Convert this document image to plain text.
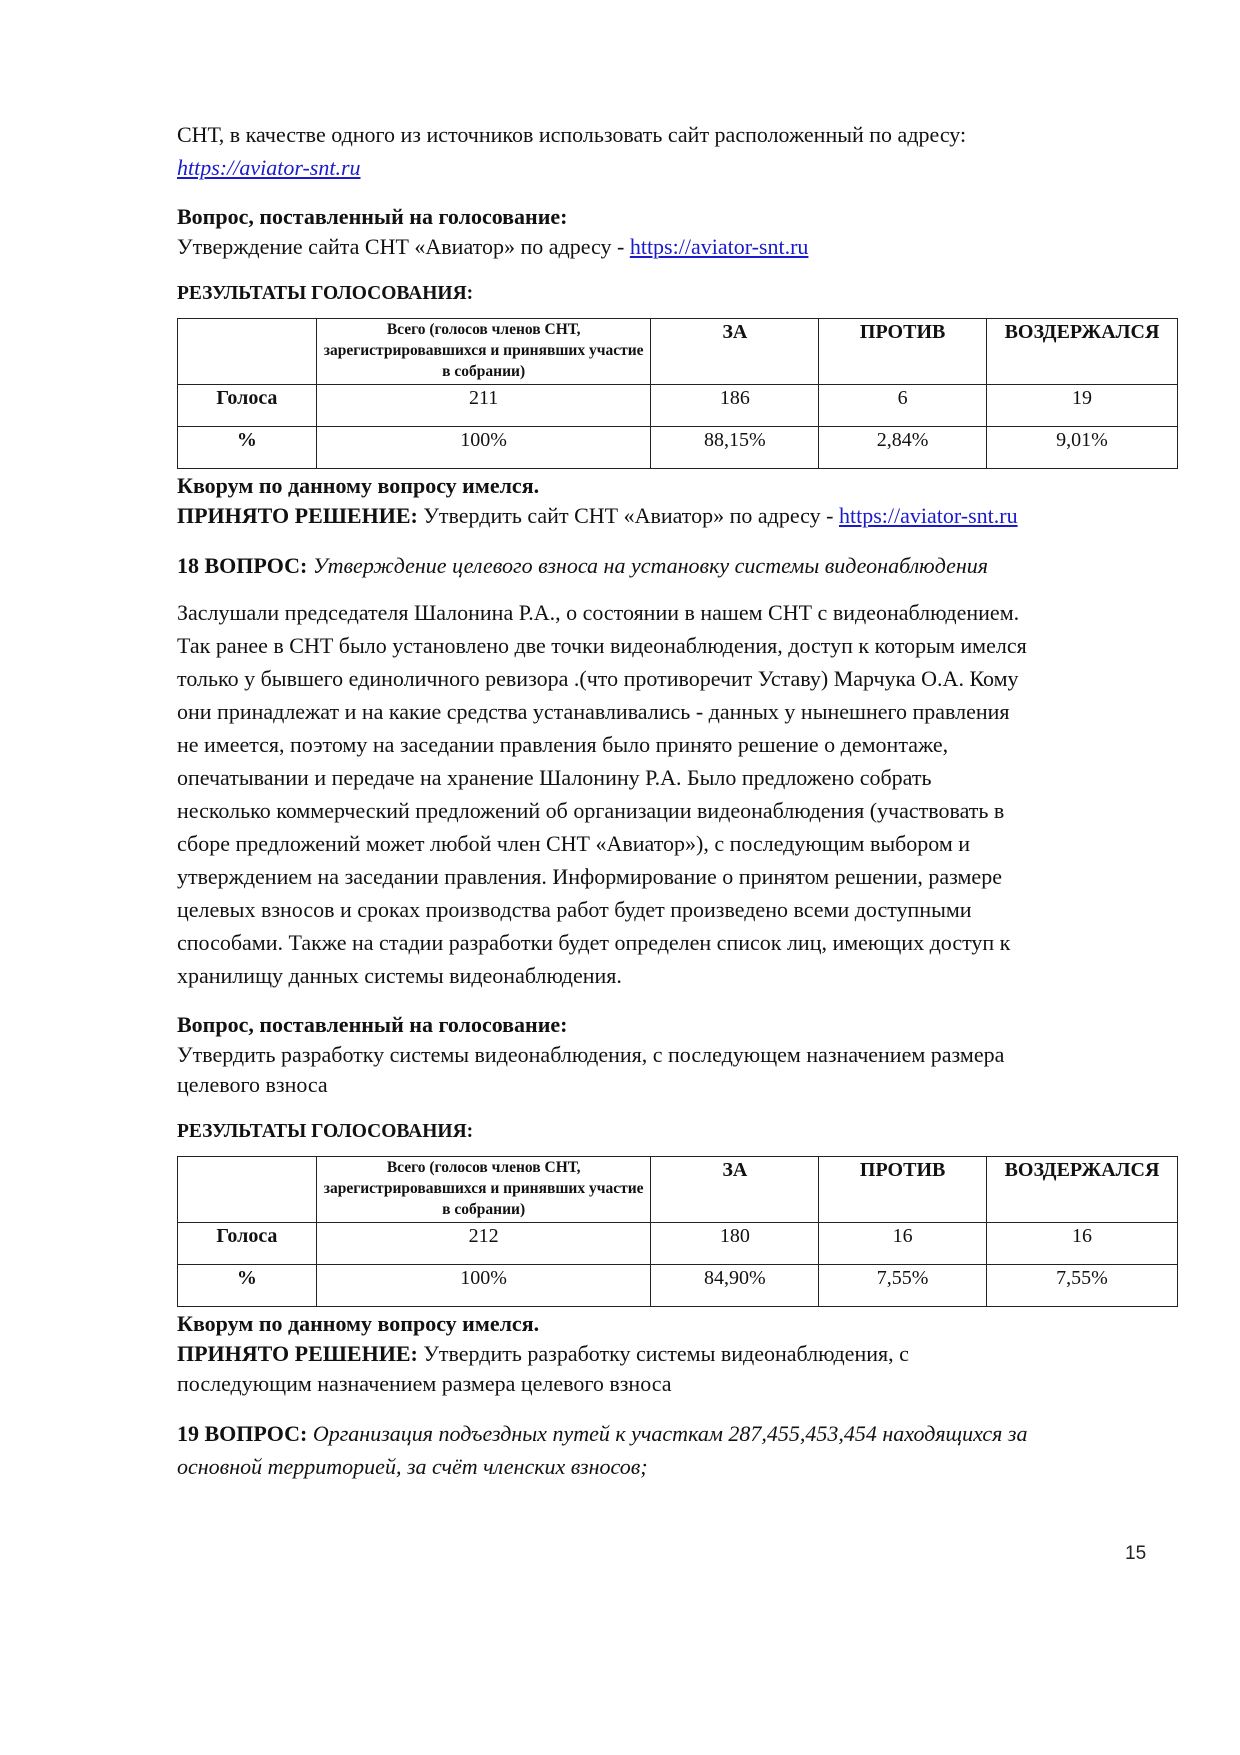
СНТ, в качестве одного из источников использовать сайт расположенный по адресу:

https://aviator-snt.ru

Вопрос, поставленный на голосование:

Утверждение сайта СНТ «Авиатор» по адресу - https://aviator-snt.ru

РЕЗУЛЬТАТЫ ГОЛОСОВАНИЯ:

	Всего (голосов членов СНТ, зарегистрировавшихся и принявших участие в собрании)	ЗА	ПРОТИВ	ВОЗДЕРЖАЛСЯ
Голоса	211	186	6	19
%	100%	88,15%	2,84%	9,01%

Кворум по данному вопросу имелся.

ПРИНЯТО РЕШЕНИЕ: Утвердить сайт СНТ «Авиатор» по адресу - https://aviator-snt.ru

18 ВОПРОС: Утверждение целевого взноса на установку системы видеонаблюдения

Заслушали председателя Шалонина Р.А., о состоянии в нашем СНТ с видеонаблюдением.

Так ранее в СНТ было установлено две точки видеонаблюдения, доступ к которым имелся

только у бывшего единоличного ревизора .(что противоречит Уставу) Марчука О.А. Кому

они принадлежат и на какие средства устанавливались - данных у нынешнего правления

не имеется, поэтому на заседании правления было принято решение о демонтаже,

опечатывании и передаче на хранение Шалонину Р.А. Было предложено собрать

несколько коммерческий предложений об организации видеонаблюдения (участвовать в

сборе предложений может любой член СНТ «Авиатор»), с последующим выбором и

утверждением на заседании правления. Информирование о принятом решении, размере

целевых взносов и сроках производства работ будет произведено всеми доступными

способами. Также на стадии разработки будет определен список лиц, имеющих доступ к

хранилищу данных системы видеонаблюдения.

Вопрос, поставленный на голосование:

Утвердить разработку системы видеонаблюдения, с последующем назначением размера

целевого взноса

РЕЗУЛЬТАТЫ ГОЛОСОВАНИЯ:

	Всего (голосов членов СНТ, зарегистрировавшихся и принявших участие в собрании)	ЗА	ПРОТИВ	ВОЗДЕРЖАЛСЯ
Голоса	212	180	16	16
%	100%	84,90%	7,55%	7,55%

Кворум по данному вопросу имелся.

ПРИНЯТО РЕШЕНИЕ: Утвердить разработку системы видеонаблюдения, с

последующим назначением размера целевого взноса

19 ВОПРОС: Организация подъездных путей к участкам 287,455,453,454 находящихся за

основной территорией, за счёт членских взносов;

15
